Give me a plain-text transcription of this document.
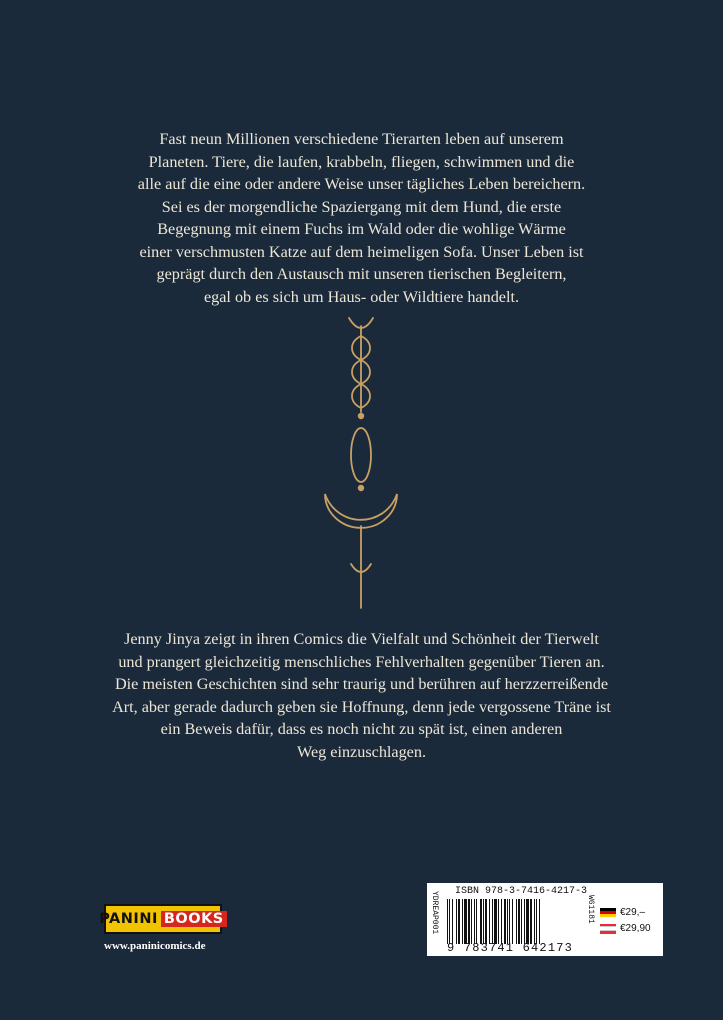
Fast neun Millionen verschiedene Tierarten leben auf unserem
Planeten. Tiere, die laufen, krabbeln, fliegen, schwimmen und die
alle auf die eine oder andere Weise unser tägliches Leben bereichern.
Sei es der morgendliche Spaziergang mit dem Hund, die erste
Begegnung mit einem Fuchs im Wald oder die wohlige Wärme
einer verschmusten Katze auf dem heimeligen Sofa. Unser Leben ist
geprägt durch den Austausch mit unseren tierischen Begleitern,
egal ob es sich um Haus- oder Wildtiere handelt.
Jenny Jinya zeigt in ihren Comics die Vielfalt und Schönheit der Tierwelt
und prangert gleichzeitig menschliches Fehlverhalten gegenüber Tieren an.
Die meisten Geschichten sind sehr traurig und berühren auf herzzerreißende
Art, aber gerade dadurch geben sie Hoffnung, denn jede vergossene Träne ist
ein Beweis dafür, dass es noch nicht zu spät ist, einen anderen
Weg einzuschlagen.
PANINI BOOKS
www.paninicomics.de
YDREAP001 ISBN 978-3-7416-4217-3
9 783741 642173
W61181	€29,–
€29,90
